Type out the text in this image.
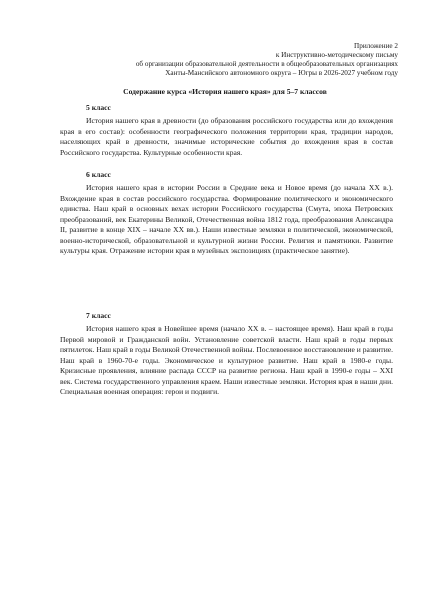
Приложение 2
к Инструктивно-методическому письму
об организации образовательной деятельности в общеобразовательных организациях
Ханты-Мансийского автономного округа – Югры в 2026-2027 учебном году
Содержание курса «История нашего края» для 5–7 классов
5 класс
История нашего края в древности (до образования российского государства или до вхождения края в его состав): особенности географического положения территории края, традиции народов, населяющих край в древности, значимые исторические события до вхождения края в состав Российского государства. Культурные особенности края.
6 класс
История нашего края в истории России в Средние века и Новое время (до начала XX в.). Вхождение края в состав российского государства. Формирование политического и экономического единства. Наш край в основных вехах истории Российского государства (Смута, эпоха Петровских преобразований, век Екатерины Великой, Отечественная война 1812 года, преобразования Александра II, развитие в конце XIX – начале XX вв.). Наши известные земляки в политической, экономической, военно-исторической, образовательной и культурной жизни России. Религия и памятники. Развитие культуры края. Отражение истории края в музейных экспозициях (практическое занятие).
7 класс
История нашего края в Новейшее время (начало XX в. – настоящее время). Наш край в годы Первой мировой и Гражданской войн. Установление советской власти. Наш край в годы первых пятилеток. Наш край в годы Великой Отечественной войны. Послевоенное восстановление и развитие. Наш край в 1960-70-е годы. Экономическое и культурное развитие. Наш край в 1980-е годы. Кризисные проявления, влияние распада СССР на развитие региона. Наш край в 1990-е годы – XXI век. Система государственного управления краем. Наши известные земляки. История края в наши дни. Специальная военная операция: герои и подвиги.
